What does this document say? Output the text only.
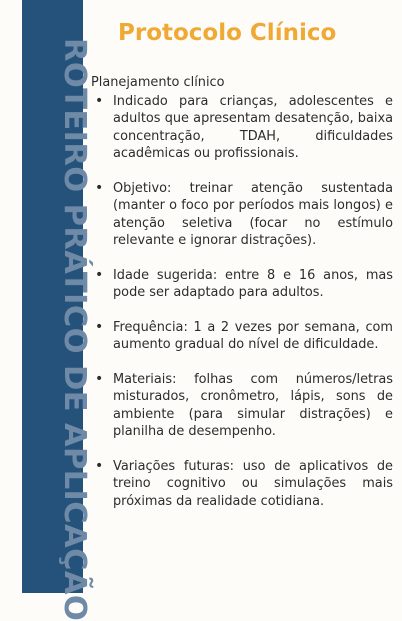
ROTEIRO PRÁTICO DE APLICAÇÃO
Protocolo Clínico

Planejamento clínico

• Indicado para crianças, adolescentes e adultos que apresentam desatenção, baixa concentração, TDAH, dificuldades acadêmicas ou profissionais.
• Objetivo: treinar atenção sustentada (manter o foco por períodos mais longos) e atenção seletiva (focar no estímulo relevante e ignorar distrações).
• Idade sugerida: entre 8 e 16 anos, mas pode ser adaptado para adultos.
• Frequência: 1 a 2 vezes por semana, com aumento gradual do nível de dificuldade.
• Materiais: folhas com números/letras misturados, cronômetro, lápis, sons de ambiente (para simular distrações) e planilha de desempenho.
• Variações futuras: uso de aplicativos de treino cognitivo ou simulações mais próximas da realidade cotidiana.
